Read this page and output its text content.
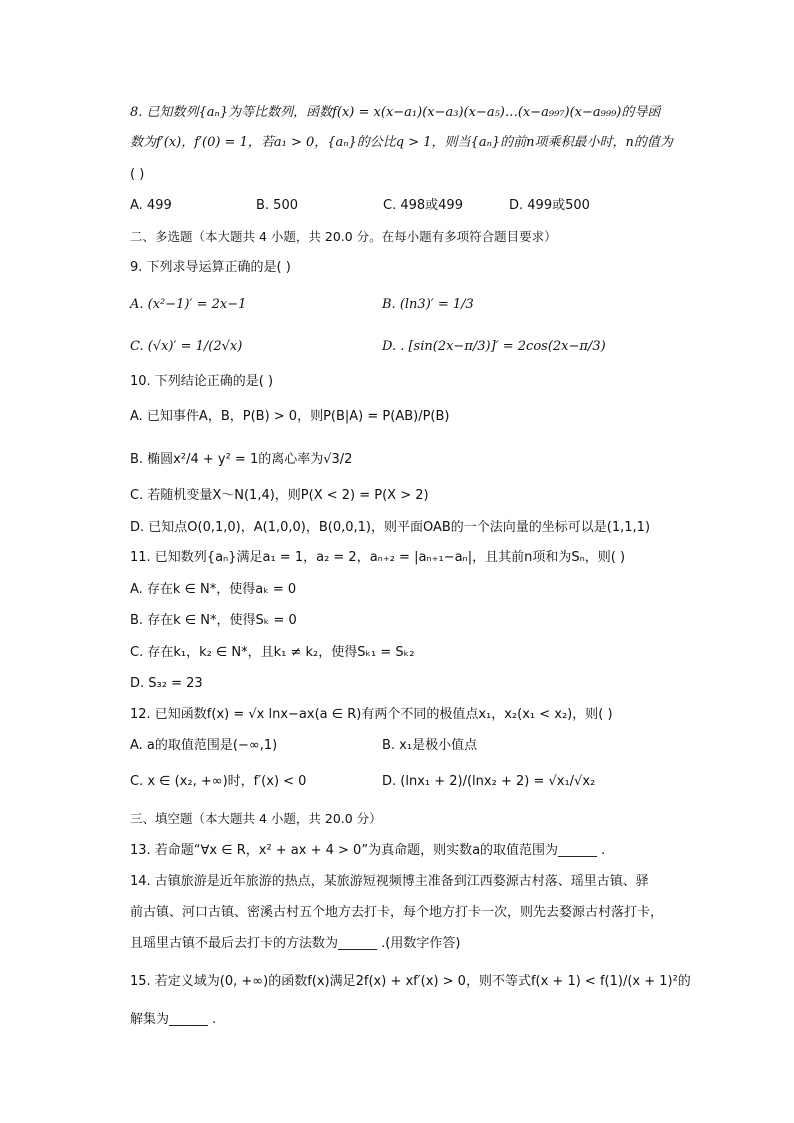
8. 已知数列{aₙ}为等比数列，函数f(x) = x(x−a₁)(x−a₃)(x−a₅)…(x−a₉₉₇)(x−a₉₉₉)的导函
数为f′(x)，f′(0) = 1，若a₁ > 0，{aₙ}的公比q > 1，则当{aₙ}的前n项乘积最小时，n的值为
( )
A. 499	B. 500	C. 498或499	D. 499或500
二、多选题（本大题共 4 小题，共 20.0 分。在每小题有多项符合题目要求）
9. 下列求导运算正确的是( )
A. (x²−1)′ = 2x−1	B. (ln3)′ = 1/3
C. (√x)′ = 1/(2√x)	D. . [sin(2x−π/3)]′ = 2cos(2x−π/3)
10. 下列结论正确的是( )
A. 已知事件A，B，P(B) > 0，则P(B|A) = P(AB)/P(B)
B. 椭圆x²/4 + y² = 1的离心率为√3/2
C. 若随机变量X～N(1,4)，则P(X < 2) = P(X > 2)
D. 已知点O(0,1,0)，A(1,0,0)，B(0,0,1)，则平面OAB的一个法向量的坐标可以是(1,1,1)
11. 已知数列{aₙ}满足a₁ = 1，a₂ = 2，aₙ₊₂ = |aₙ₊₁−aₙ|，且其前n项和为Sₙ，则( )
A. 存在k ∈ N*，使得aₖ = 0
B. 存在k ∈ N*，使得Sₖ = 0
C. 存在k₁，k₂ ∈ N*，且k₁ ≠ k₂，使得Sₖ₁ = Sₖ₂
D. S₃₂ = 23
12. 已知函数f(x) = √x lnx−ax(a ∈ R)有两个不同的极值点x₁，x₂(x₁ < x₂)，则( )
A. a的取值范围是(−∞,1)	B. x₁是极小值点
C. x ∈ (x₂, +∞)时，f′(x) < 0	D. (lnx₁ + 2)/(lnx₂ + 2) = √x₁/√x₂
三、填空题（本大题共 4 小题，共 20.0 分）
13. 若命题“∀x ∈ R，x² + ax + 4 > 0”为真命题，则实数a的取值范围为______ .
14. 古镇旅游是近年旅游的热点，某旅游短视频博主准备到江西婺源古村落、瑶里古镇、驿
前古镇、河口古镇、密溪古村五个地方去打卡，每个地方打卡一次，则先去婺源古村落打卡，
且瑶里古镇不最后去打卡的方法数为______ .(用数字作答)
15. 若定义域为(0, +∞)的函数f(x)满足2f(x) + xf′(x) > 0，则不等式f(x + 1) < f(1)/(x + 1)²的
解集为______ .
